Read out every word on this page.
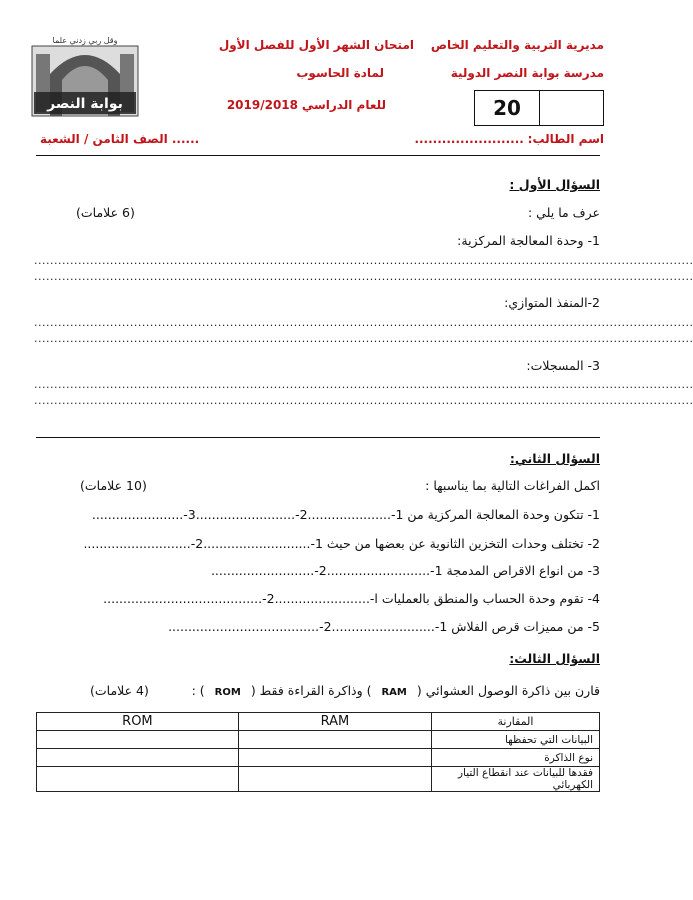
بوابة النصر
وقل ربي زدني علما	مديرية التربية والتعليم الخاص
مدرسة بوابة النصر الدولية
امتحان الشهر الأول للفصل الأول
لمادة الحاسوب
للعام الدراسي 2019/2018	20
اسم الطالب: ........................
الصف الثامن / الشعبة ......
السؤال الأول :
عرف ما يلي :
(6 علامات)
1- وحدة المعالجة المركزية:
.....................................................................................................................................................................
.....................................................................................................................................................................
2-المنفذ المتوازي:
.....................................................................................................................................................................
.....................................................................................................................................................................
3- المسجلات:
.....................................................................................................................................................................
.....................................................................................................................................................................
السؤال الثاني:
اكمل الفراغات التالية بما يناسبها :
(10 علامات)
1- تتكون وحدة المعالجة المركزية من 1-.....................2-.........................3-.......................
2- تختلف وحدات التخزين الثانوية عن بعضها من حيث 1-...........................2-...........................
3- من انواع الاقراص المدمجة 1-..........................2-..........................
4- تقوم وحدة الحساب والمنطق بالعمليات ا-........................2-........................................
5- من مميزات قرص الفلاش 1-..........................2-......................................
السؤال الثالث:
قارن بين ذاكرة الوصول العشوائي ( RAM ) وذاكرة القراءة فقط ( ROM ) :
(4 علامات)
المقارنة	RAM	ROM
البيانات التي تحفظها		
نوع الذاكرة		
فقدها للبيانات عند انقطاع التيار الكهربائي		
